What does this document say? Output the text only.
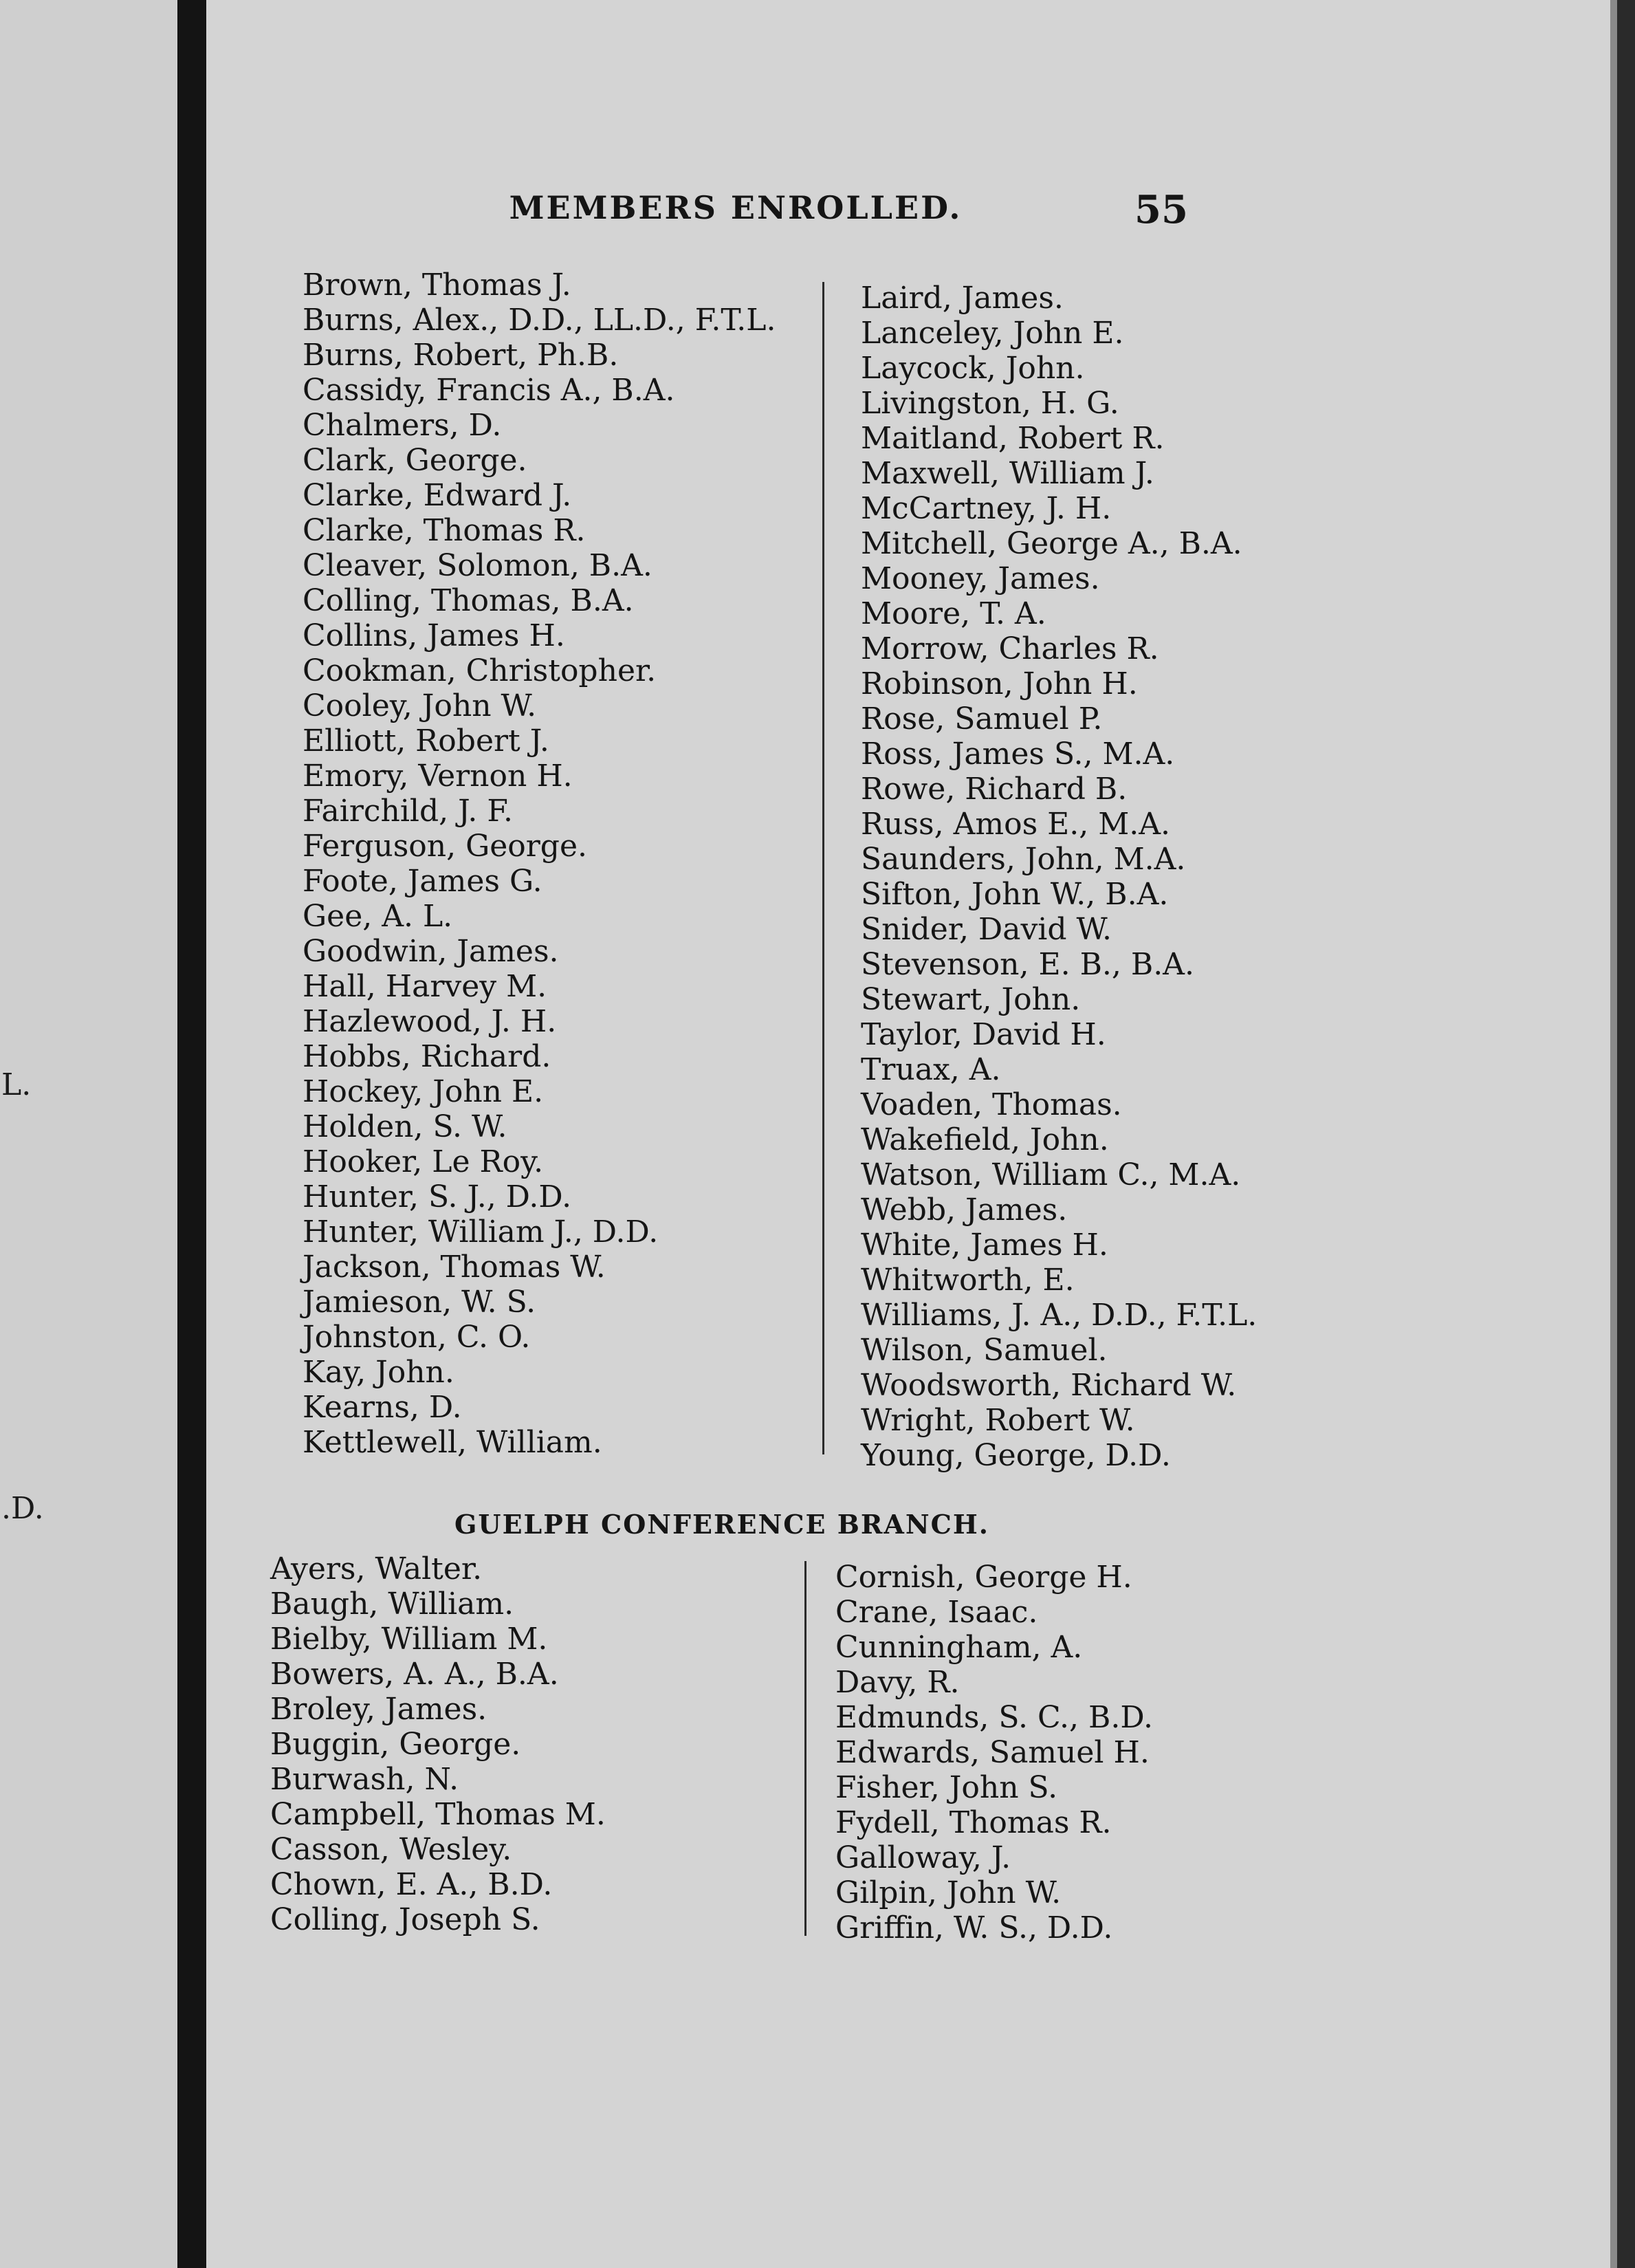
L.
.D.
MEMBERS ENROLLED.	55
Brown, Thomas J.
Burns, Alex., D.D., LL.D., F.T.L.
Burns, Robert, Ph.B.
Cassidy, Francis A., B.A.
Chalmers, D.
Clark, George.
Clarke, Edward J.
Clarke, Thomas R.
Cleaver, Solomon, B.A.
Colling, Thomas, B.A.
Collins, James H.
Cookman, Christopher.
Cooley, John W.
Elliott, Robert J.
Emory, Vernon H.
Fairchild, J. F.
Ferguson, George.
Foote, James G.
Gee, A. L.
Goodwin, James.
Hall, Harvey M.
Hazlewood, J. H.
Hobbs, Richard.
Hockey, John E.
Holden, S. W.
Hooker, Le Roy.
Hunter, S. J., D.D.
Hunter, William J., D.D.
Jackson, Thomas W.
Jamieson, W. S.
Johnston, C. O.
Kay, John.
Kearns, D.
Kettlewell, William.
Laird, James.
Lanceley, John E.
Laycock, John.
Livingston, H. G.
Maitland, Robert R.
Maxwell, William J.
McCartney, J. H.
Mitchell, George A., B.A.
Mooney, James.
Moore, T. A.
Morrow, Charles R.
Robinson, John H.
Rose, Samuel P.
Ross, James S., M.A.
Rowe, Richard B.
Russ, Amos E., M.A.
Saunders, John, M.A.
Sifton, John W., B.A.
Snider, David W.
Stevenson, E. B., B.A.
Stewart, John.
Taylor, David H.
Truax, A.
Voaden, Thomas.
Wakefield, John.
Watson, William C., M.A.
Webb, James.
White, James H.
Whitworth, E.
Williams, J. A., D.D., F.T.L.
Wilson, Samuel.
Woodsworth, Richard W.
Wright, Robert W.
Young, George, D.D.
GUELPH CONFERENCE BRANCH.
Ayers, Walter.
Baugh, William.
Bielby, William M.
Bowers, A. A., B.A.
Broley, James.
Buggin, George.
Burwash, N.
Campbell, Thomas M.
Casson, Wesley.
Chown, E. A., B.D.
Colling, Joseph S.
Cornish, George H.
Crane, Isaac.
Cunningham, A.
Davy, R.
Edmunds, S. C., B.D.
Edwards, Samuel H.
Fisher, John S.
Fydell, Thomas R.
Galloway, J.
Gilpin, John W.
Griffin, W. S., D.D.
